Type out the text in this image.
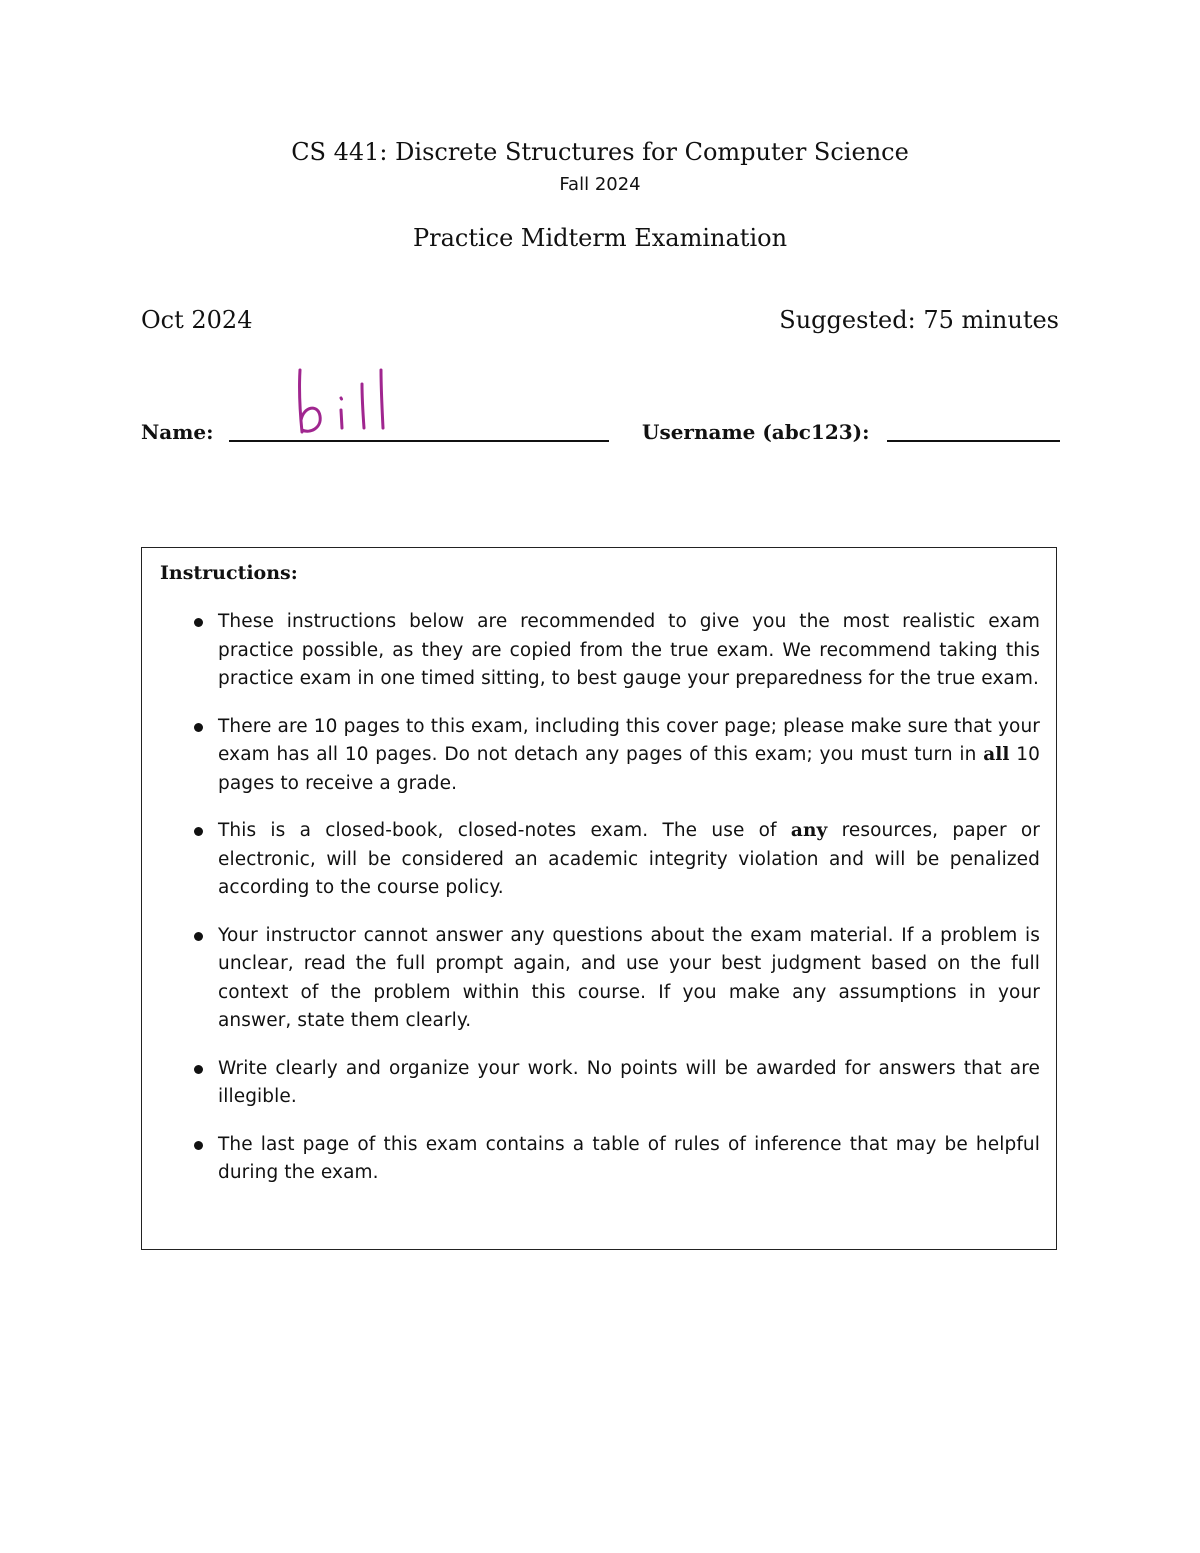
CS 441: Discrete Structures for Computer Science
Fall 2024
Practice Midterm Examination
Oct 2024	Suggested: 75 minutes
Name:	Username (abc123):
Instructions:
These instructions below are recommended to give you the most realistic exam practice possible, as they are copied from the true exam. We recommend taking this practice exam in one timed sitting, to best gauge your preparedness for the true exam.
There are 10 pages to this exam, including this cover page; please make sure that your exam has all 10 pages. Do not detach any pages of this exam; you must turn in all 10 pages to receive a grade.
This is a closed-book, closed-notes exam. The use of any resources, paper or electronic, will be considered an academic integrity violation and will be penalized according to the course policy.
Your instructor cannot answer any questions about the exam material. If a problem is unclear, read the full prompt again, and use your best judgment based on the full context of the problem within this course. If you make any assumptions in your answer, state them clearly.
Write clearly and organize your work. No points will be awarded for answers that are illegible.
The last page of this exam contains a table of rules of inference that may be helpful during the exam.
